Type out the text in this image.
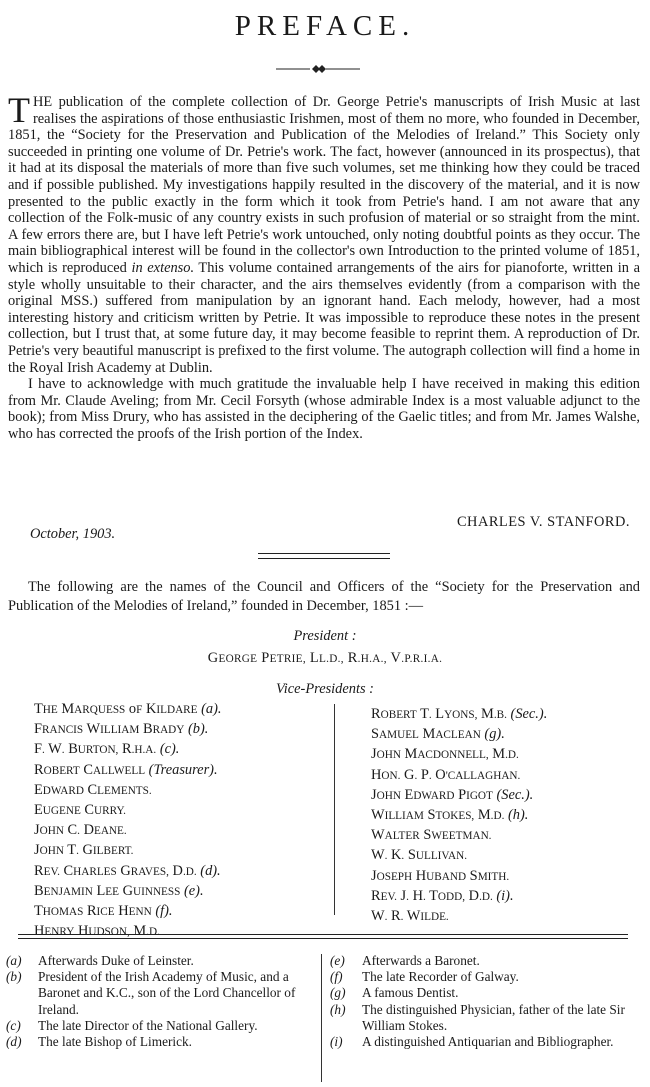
PREFACE.

THE publication of the complete collection of Dr. George Petrie's manuscripts of Irish Music at last realises the aspirations of those enthusiastic Irishmen, most of them no more, who founded in December, 1851, the “Society for the Preservation and Publication of the Melodies of Ireland.” This Society only succeeded in printing one volume of Dr. Petrie's work. The fact, however (announced in its prospectus), that it had at its disposal the materials of more than five such volumes, set me thinking how they could be traced and if possible published. My investigations happily resulted in the discovery of the material, and it is now presented to the public exactly in the form which it took from Petrie's hand. I am not aware that any collection of the Folk-music of any country exists in such profusion of material or so straight from the mint. A few errors there are, but I have left Petrie's work untouched, only noting doubtful points as they occur. The main bibliographical interest will be found in the collector's own Introduction to the printed volume of 1851, which is reproduced in extenso. This volume contained arrangements of the airs for pianoforte, written in a style wholly unsuitable to their character, and the airs themselves evidently (from a comparison with the original MSS.) suffered from manipulation by an ignorant hand. Each melody, however, had a most interesting history and criticism written by Petrie. It was impossible to reproduce these notes in the present collection, but I trust that, at some future day, it may become feasible to reprint them. A reproduction of Dr. Petrie's very beautiful manuscript is prefixed to the first volume. The autograph collection will find a home in the Royal Irish Academy at Dublin.

I have to acknowledge with much gratitude the invaluable help I have received in making this edition from Mr. Claude Aveling; from Mr. Cecil Forsyth (whose admirable Index is a most valuable adjunct to the book); from Miss Drury, who has assisted in the deciphering of the Gaelic titles; and from Mr. James Walshe, who has corrected the proofs of the Irish portion of the Index.

October, 1903.
CHARLES V. STANFORD.

The following are the names of the Council and Officers of the “Society for the Preservation and Publication of the Melodies of Ireland,” founded in December, 1851 :—

President :
GEORGE PETRIE, LL.D., R.H.A., V.P.R.I.A.
Vice-Presidents :
THE MARQUESS oF KILDARE (a).
FRANCIS WILLIAM BRADY (b).
F. W. BURTON, R.H.A. (c).
ROBERT CALLWELL (Treasurer).
EDWARD CLEMENTS.
EUGENE CURRY.
JOHN C. DEANE.
JOHN T. GILBERT.
REV. CHARLES GRAVES, D.D. (d).
BENJAMIN LEE GUINNESS (e).
THOMAS RICE HENN (f).
HENRY HUDSON, M.D.
ROBERT T. LYONS, M.B. (Sec.).
SAMUEL MACLEAN (g).
JOHN MACDONNELL, M.D.
HON. G. P. O'CALLAGHAN.
JOHN EDWARD PIGOT (Sec.).
WILLIAM STOKES, M.D. (h).
WALTER SWEETMAN.
W. K. SULLIVAN.
JOSEPH HUBAND SMITH.
REV. J. H. TODD, D.D. (i).
W. R. WILDE.
(a) Afterwards Duke of Leinster.
(b) President of the Irish Academy of Music, and a Baronet and K.C., son of the Lord Chancellor of Ireland.
(c) The late Director of the National Gallery.
(d) The late Bishop of Limerick.
(e) Afterwards a Baronet.
(f) The late Recorder of Galway.
(g) A famous Dentist.
(h) The distinguished Physician, father of the late Sir William Stokes.
(i) A distinguished Antiquarian and Bibliographer.
